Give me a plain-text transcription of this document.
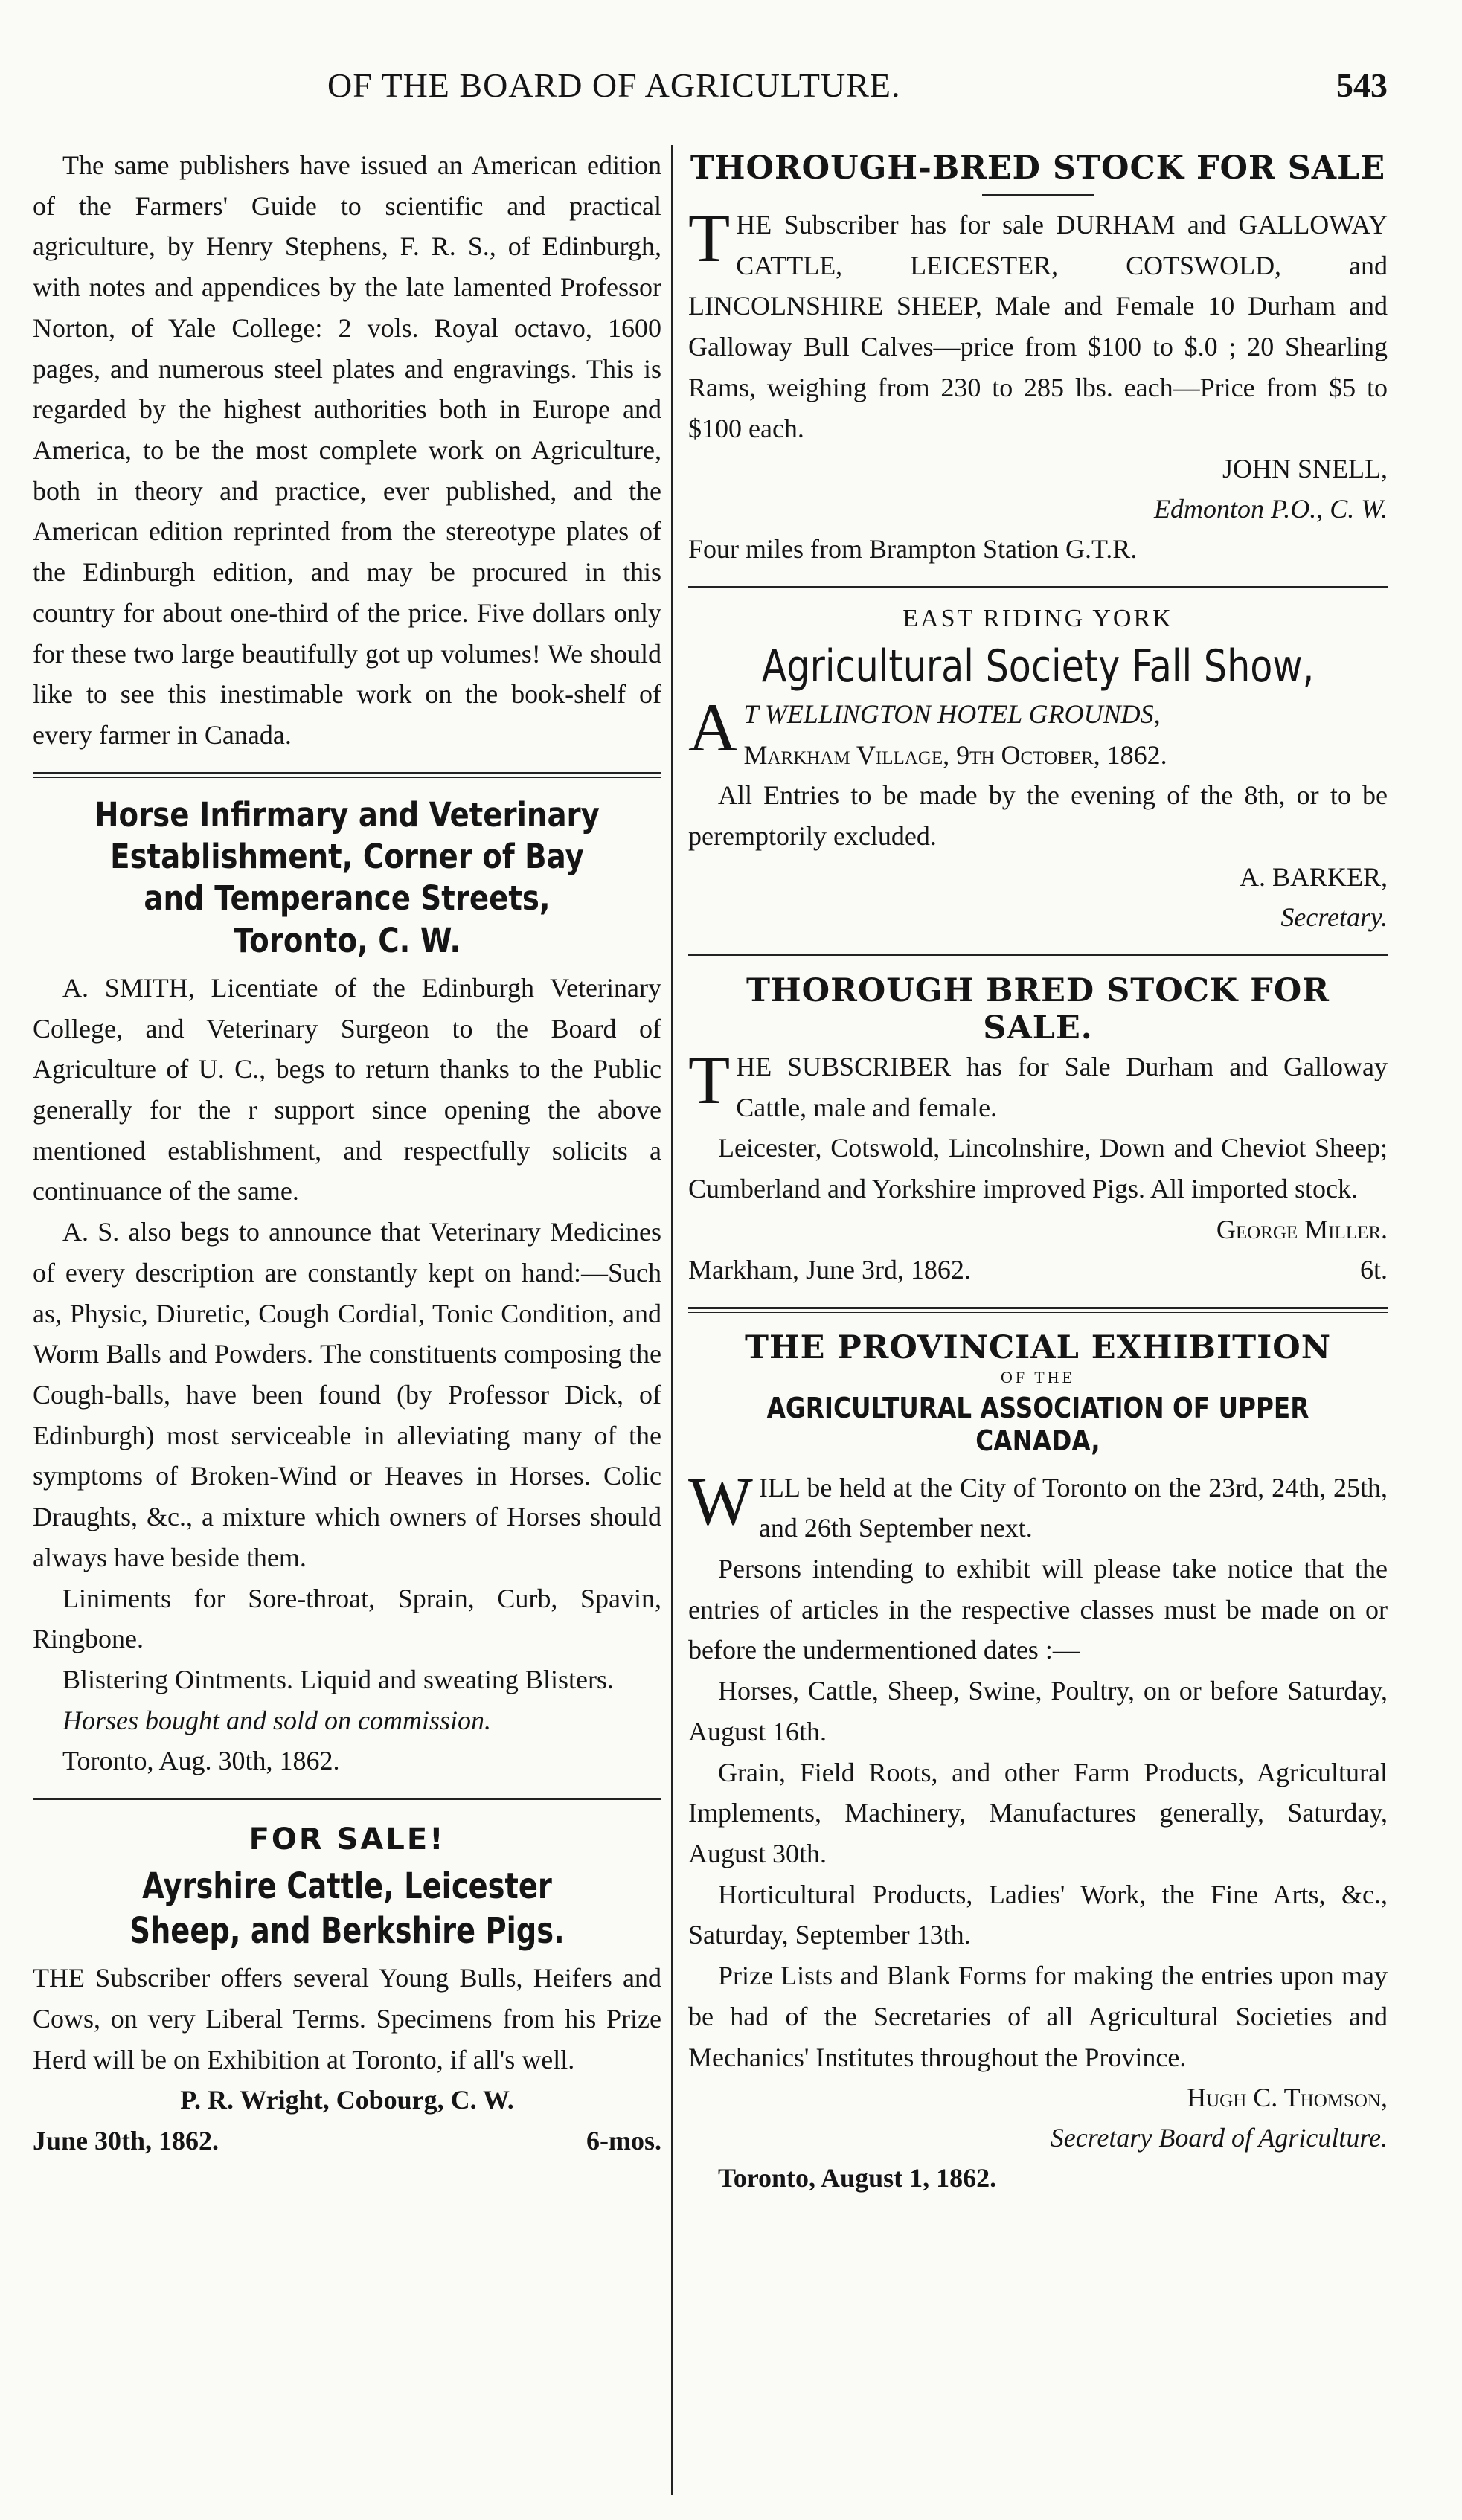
OF THE BOARD OF AGRICULTURE.	543

The same publishers have issued an American edition of the Farmers' Guide to scientific and practical agriculture, by Henry Stephens, F. R. S., of Edinburgh, with notes and appendices by the late lamented Professor Norton, of Yale College: 2 vols. Royal octavo, 1600 pages, and numerous steel plates and engravings. This is regarded by the highest authorities both in Europe and America, to be the most complete work on Agriculture, both in theory and practice, ever published, and the American edition reprinted from the stereotype plates of the Edinburgh edition, and may be procured in this country for about one-third of the price. Five dollars only for these two large beautifully got up volumes! We should like to see this inestimable work on the book-shelf of every farmer in Canada.

Horse Infirmary and Veterinary Establishment, Corner of Bay and Temperance Streets, Toronto, C. W.

A. SMITH, Licentiate of the Edinburgh Veterinary College, and Veterinary Surgeon to the Board of Agriculture of U. C., begs to return thanks to the Public generally for the r support since opening the above mentioned establishment, and respectfully solicits a continuance of the same.

A. S. also begs to announce that Veterinary Medicines of every description are constantly kept on hand:—Such as, Physic, Diuretic, Cough Cordial, Tonic Condition, and Worm Balls and Powders. The constituents composing the Cough-balls, have been found (by Professor Dick, of Edinburgh) most serviceable in alleviating many of the symptoms of Broken-Wind or Heaves in Horses. Colic Draughts, &c., a mixture which owners of Horses should always have beside them.

Liniments for Sore-throat, Sprain, Curb, Spavin, Ringbone.

Blistering Ointments. Liquid and sweating Blisters.

Horses bought and sold on commission.

Toronto, Aug. 30th, 1862.

FOR SALE!
Ayrshire Cattle, Leicester Sheep, and Berkshire Pigs.

THE Subscriber offers several Young Bulls, Heifers and Cows, on very Liberal Terms. Specimens from his Prize Herd will be on Exhibition at Toronto, if all's well.

P. R. Wright, Cobourg, C. W.

June 30th, 1862.	6-mos.

THOROUGH-BRED STOCK FOR SALE

T HE Subscriber has for sale DURHAM and GALLOWAY CATTLE, LEICESTER, COTSWOLD, and LINCOLNSHIRE SHEEP, Male and Female 10 Durham and Galloway Bull Calves—price from $100 to $.0 ; 20 Shearling Rams, weighing from 230 to 285 lbs. each—Price from $5 to $100 each.

JOHN SNELL,

Edmonton P.O., C. W.

Four miles from Brampton Station G.T.R.

EAST RIDING YORK
Agricultural Society Fall Show,

A T WELLINGTON HOTEL GROUNDS,
Markham Village, 9th October, 1862.

All Entries to be made by the evening of the 8th, or to be peremptorily excluded.

A. BARKER,

Secretary.

THOROUGH BRED STOCK FOR SALE.

T HE SUBSCRIBER has for Sale Durham and Galloway Cattle, male and female.

Leicester, Cotswold, Lincolnshire, Down and Cheviot Sheep; Cumberland and Yorkshire improved Pigs. All imported stock.

George Miller.

Markham, June 3rd, 1862.	6t.

THE PROVINCIAL EXHIBITION
OF THE
AGRICULTURAL ASSOCIATION OF UPPER CANADA,

W ILL be held at the City of Toronto on the 23rd, 24th, 25th, and 26th September next.

Persons intending to exhibit will please take notice that the entries of articles in the respective classes must be made on or before the undermentioned dates :—

Horses, Cattle, Sheep, Swine, Poultry, on or before Saturday, August 16th.

Grain, Field Roots, and other Farm Products, Agricultural Implements, Machinery, Manufactures generally, Saturday, August 30th.

Horticultural Products, Ladies' Work, the Fine Arts, &c., Saturday, September 13th.

Prize Lists and Blank Forms for making the entries upon may be had of the Secretaries of all Agricultural Societies and Mechanics' Institutes throughout the Province.

Hugh C. Thomson,

Secretary Board of Agriculture.

Toronto, August 1, 1862.
